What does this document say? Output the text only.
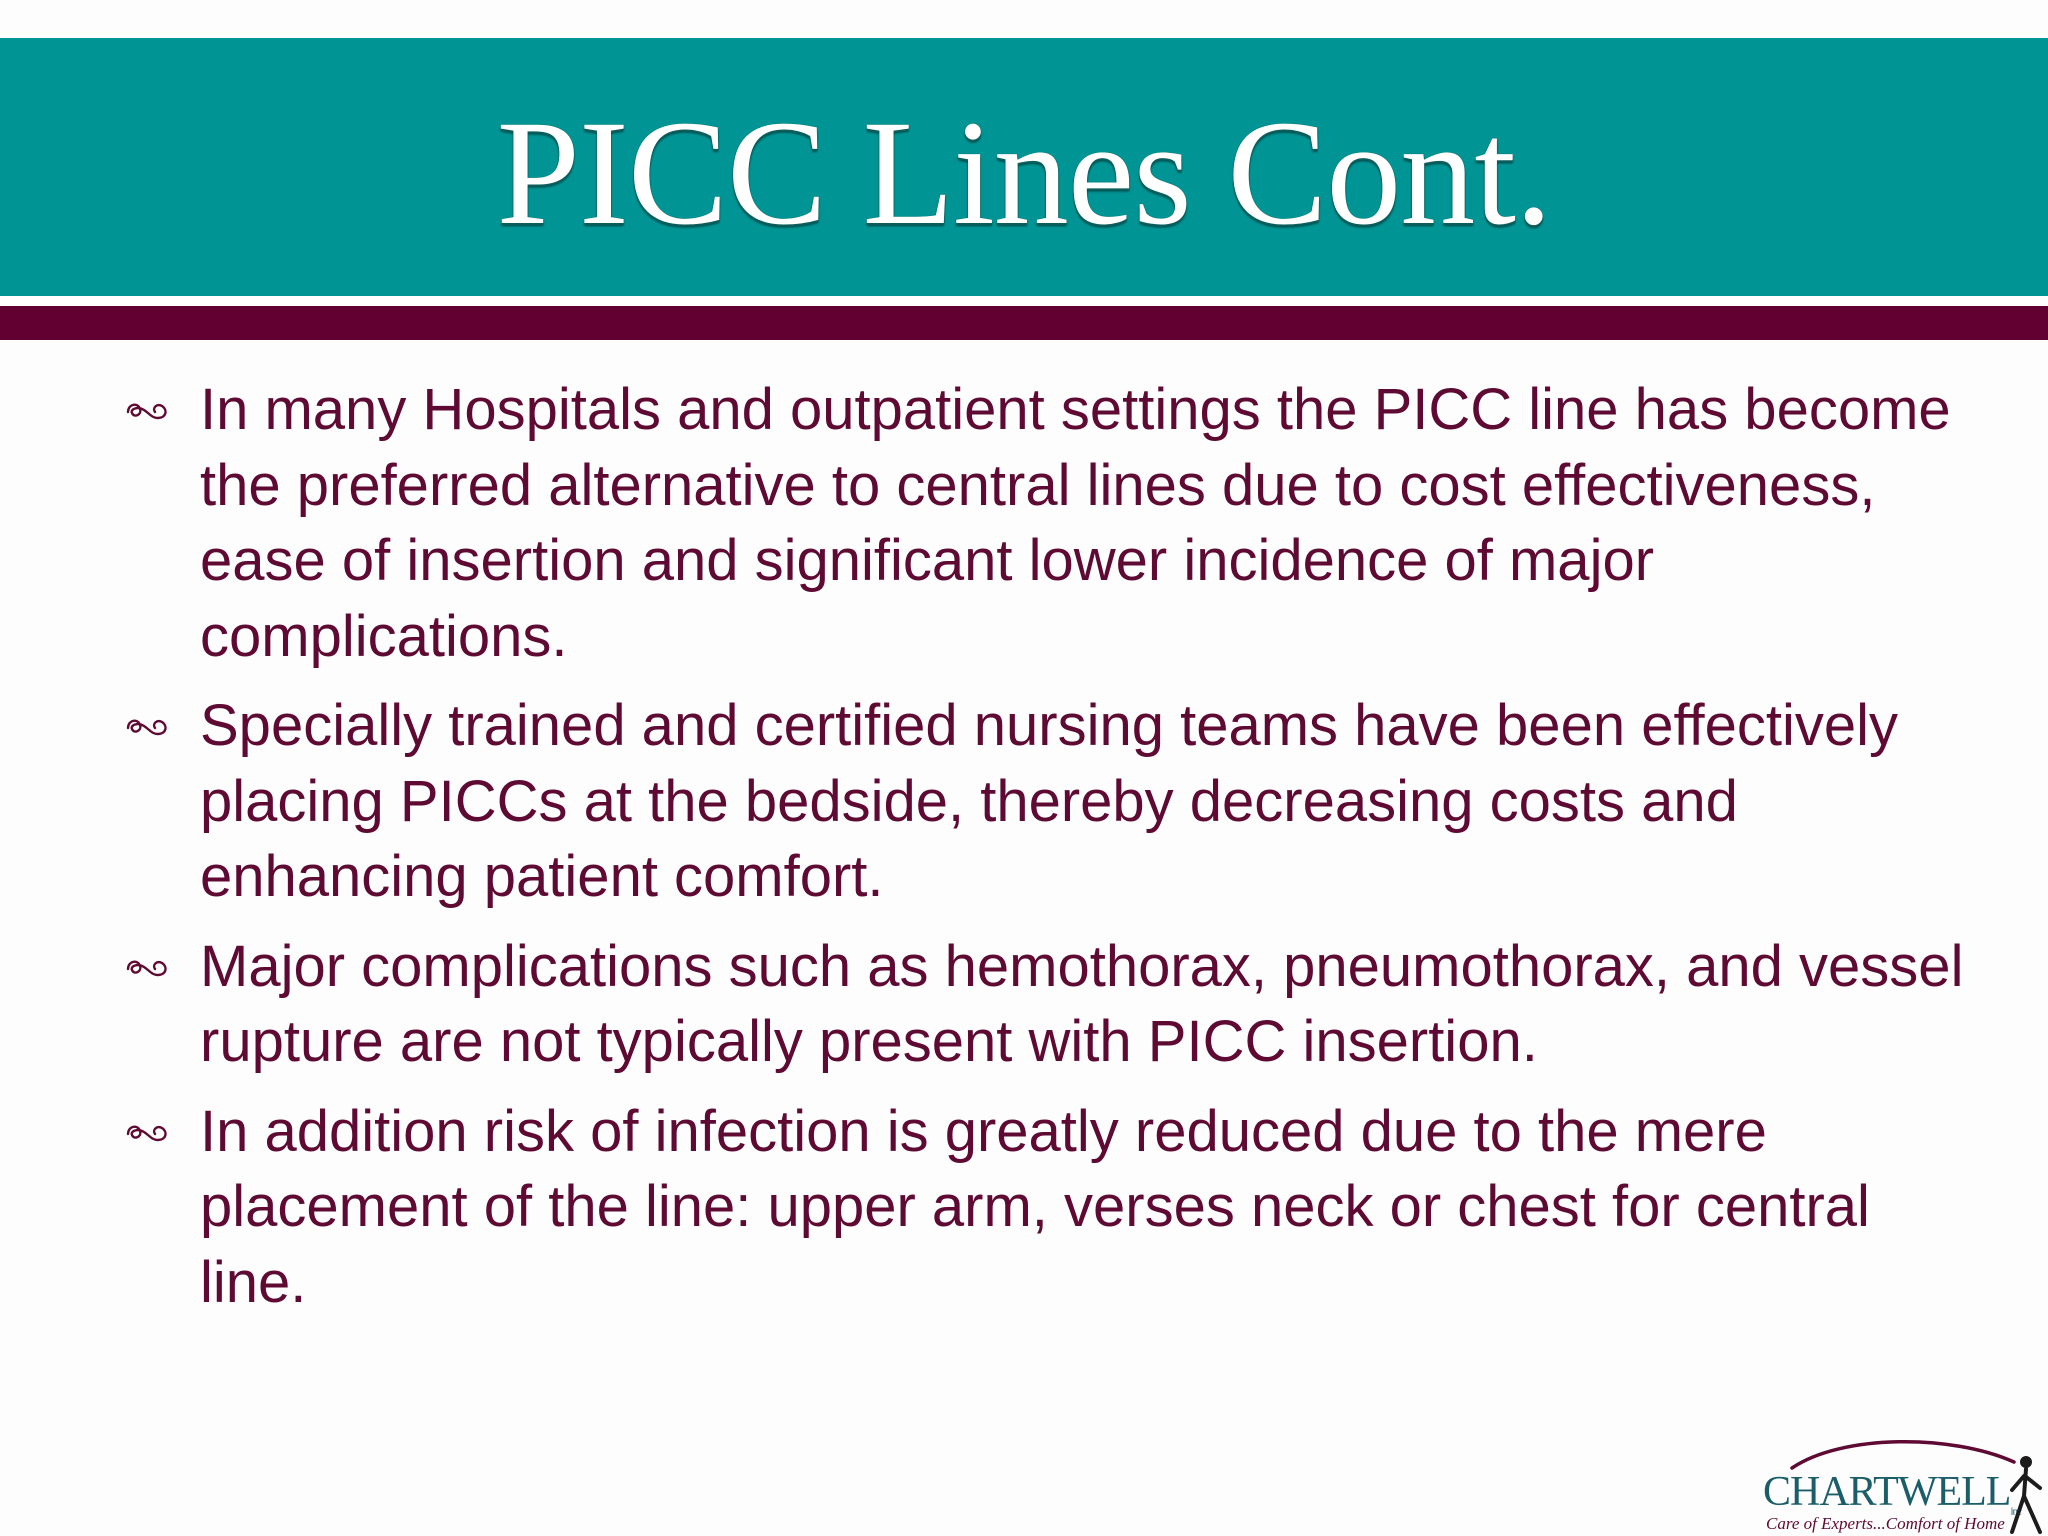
PICC Lines Cont.
In many Hospitals and outpatient settings the PICC line has become the preferred alternative to central lines due to cost effectiveness, ease of insertion and significant lower incidence of major complications.
Specially trained and certified nursing teams have been effectively placing PICCs at the bedside, thereby decreasing costs and enhancing patient comfort.
Major complications such as hemothorax, pneumothorax, and vessel rupture are not typically present with PICC insertion.
In addition risk of infection is greatly reduced due to the mere placement of the line: upper arm, verses neck or chest for central line.
$CHARTWELL_{inc}$
Care of Experts...Comfort of Home
